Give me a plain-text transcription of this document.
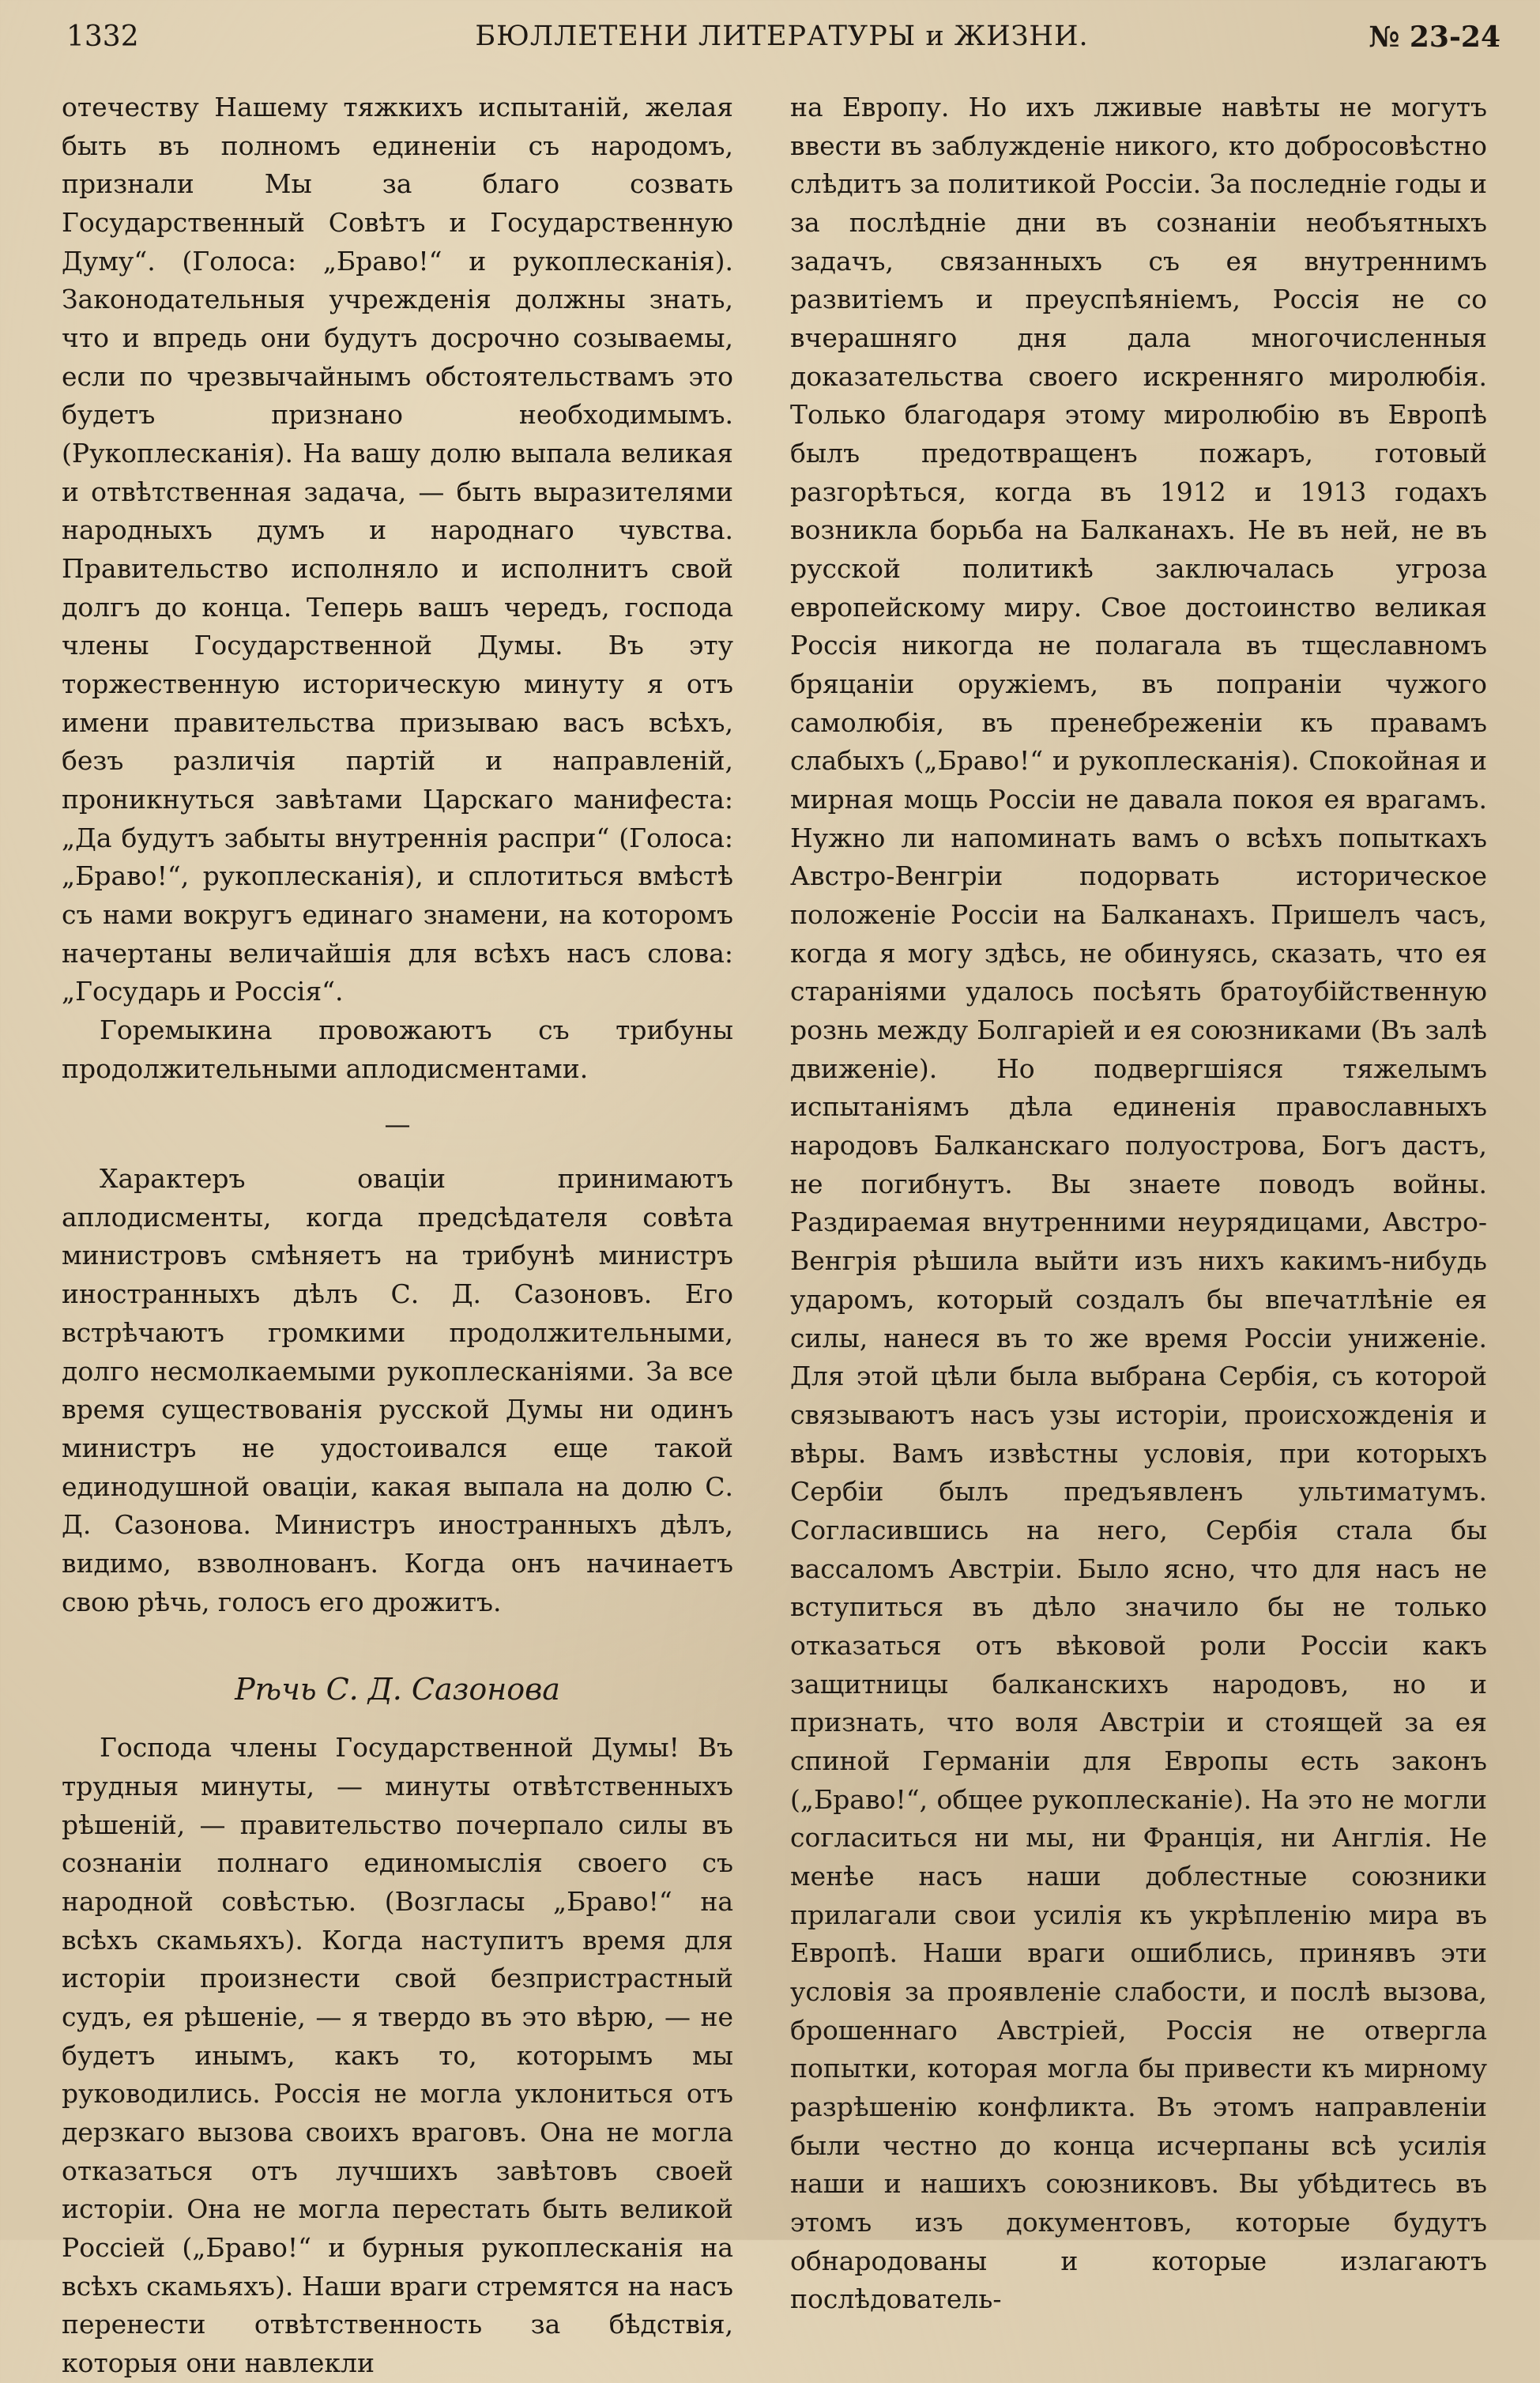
1332	БЮЛЛЕТЕНИ ЛИТЕРАТУРЫ и ЖИЗНИ.	№ 23-24

отечеству Нашему тяжкихъ испытаній, желая быть въ полномъ единеніи съ народомъ, признали Мы за благо созвать Государственный Совѣтъ и Государственную Думу“. (Голоса: „Браво!“ и рукоплесканія). Законодательныя учрежденія должны знать, что и впредь они будутъ досрочно созываемы, если по чрезвычайнымъ обстоятельствамъ это будетъ признано необходимымъ. (Рукоплесканія). На вашу долю выпала великая и отвѣтственная задача, — быть выразителями народныхъ думъ и народнаго чувства. Правительство исполняло и исполнитъ свой долгъ до конца. Теперь вашъ чередъ, господа члены Государственной Думы. Въ эту торжественную историческую минуту я отъ имени правительства призываю васъ всѣхъ, безъ различія партій и направленій, проникнуться завѣтами Царскаго манифеста: „Да будутъ забыты внутреннія распри“ (Голоса: „Браво!“, рукоплесканія), и сплотиться вмѣстѣ съ нами вокругъ единаго знамени, на которомъ начертаны величайшія для всѣхъ насъ слова: „Государь и Россія“.

Горемыкина провожаютъ съ трибуны продолжительными аплодисментами.

—

Характеръ оваціи принимаютъ аплодисменты, когда предсѣдателя совѣта министровъ смѣняетъ на трибунѣ министръ иностранныхъ дѣлъ С. Д. Сазоновъ. Его встрѣчаютъ громкими продолжительными, долго несмолкаемыми рукоплесканіями. За все время существованія русской Думы ни одинъ министръ не удостоивался еще такой единодушной оваціи, какая выпала на долю С. Д. Сазонова. Министръ иностранныхъ дѣлъ, видимо, взволнованъ. Когда онъ начинаетъ свою рѣчь, голосъ его дрожитъ.

Рѣчь С. Д. Сазонова

Господа члены Государственной Думы! Въ трудныя минуты, — минуты отвѣтственныхъ рѣшеній, — правительство почерпало силы въ сознаніи полнаго единомыслія своего съ народной совѣстью. (Возгласы „Браво!“ на всѣхъ скамьяхъ). Когда наступитъ время для исторіи произнести свой безпристрастный судъ, ея рѣшеніе, — я твердо въ это вѣрю, — не будетъ инымъ, какъ то, которымъ мы руководились. Россія не могла уклониться отъ дерзкаго вызова своихъ враговъ. Она не могла отказаться отъ лучшихъ завѣтовъ своей исторіи. Она не могла перестать быть великой Россіей („Браво!“ и бурныя рукоплесканія на всѣхъ скамьяхъ). Наши враги стремятся на насъ перенести отвѣтственность за бѣдствія, которыя они навлекли

на Европу. Но ихъ лживые навѣты не могутъ ввести въ заблужденіе никого, кто добросовѣстно слѣдитъ за политикой Россіи. За последніе годы и за послѣдніе дни въ сознаніи необъятныхъ задачъ, связанныхъ съ ея внутреннимъ развитіемъ и преуспѣяніемъ, Россія не со вчерашняго дня дала многочисленныя доказательства своего искренняго миролюбія. Только благодаря этому миролюбію въ Европѣ былъ предотвращенъ пожаръ, готовый разгорѣться, когда въ 1912 и 1913 годахъ возникла борьба на Балканахъ. Не въ ней, не въ русской политикѣ заключалась угроза европейскому миру. Свое достоинство великая Россія никогда не полагала въ тщеславномъ бряцаніи оружіемъ, въ попраніи чужого самолюбія, въ пренебреженіи къ правамъ слабыхъ („Браво!“ и рукоплесканія). Спокойная и мирная мощь Россіи не давала покоя ея врагамъ. Нужно ли напоминать вамъ о всѣхъ попыткахъ Австро-Венгріи подорвать историческое положеніе Россіи на Балканахъ. Пришелъ часъ, когда я могу здѣсь, не обинуясь, сказать, что ея стараніями удалось посѣять братоубійственную рознь между Болгаріей и ея союзниками (Въ залѣ движеніе). Но подвергшіяся тяжелымъ испытаніямъ дѣла единенія православныхъ народовъ Балканскаго полуострова, Богъ дастъ, не погибнутъ. Вы знаете поводъ войны. Раздираемая внутренними неурядицами, Австро-Венгрія рѣшила выйти изъ нихъ какимъ-нибудь ударомъ, который создалъ бы впечатлѣніе ея силы, нанеся въ то же время Россіи униженіе. Для этой цѣли была выбрана Сербія, съ которой связываютъ насъ узы исторіи, происхожденія и вѣры. Вамъ извѣстны условія, при которыхъ Сербіи былъ предъявленъ ультиматумъ. Согласившись на него, Сербія стала бы вассаломъ Австріи. Было ясно, что для насъ не вступиться въ дѣло значило бы не только отказаться отъ вѣковой роли Россіи какъ защитницы балканскихъ народовъ, но и признать, что воля Австріи и стоящей за ея спиной Германіи для Европы есть законъ („Браво!“, общее рукоплесканіе). На это не могли согласиться ни мы, ни Франція, ни Англія. Не менѣе насъ наши доблестные союзники прилагали свои усилія къ укрѣпленію мира въ Европѣ. Наши враги ошиблись, принявъ эти условія за проявленіе слабости, и послѣ вызова, брошеннаго Австріей, Россія не отвергла попытки, которая могла бы привести къ мирному разрѣшенію конфликта. Въ этомъ направленіи были честно до конца исчерпаны всѣ усилія наши и нашихъ союзниковъ. Вы убѣдитесь въ этомъ изъ документовъ, которые будутъ обнародованы и которые излагаютъ послѣдователь-
